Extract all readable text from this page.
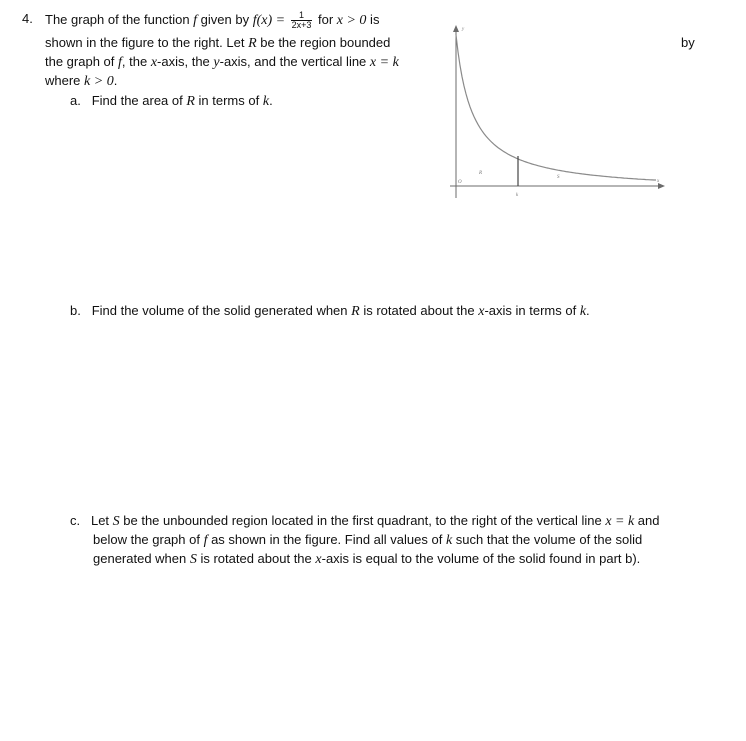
4. The graph of the function f given by $f(x) = \frac{1}{2x+3}$ for x > 0 is
shown in the figure to the right. Let R be the region bounded
the graph of f, the x-axis, the y-axis, and the vertical line x = k
where k > 0.
by
a. Find the area of R in terms of k.
y
x
O
R
S
k
b. Find the volume of the solid generated when R is rotated about the x-axis in terms of k.
c. Let S be the unbounded region located in the first quadrant, to the right of the vertical line x = k and
below the graph of f as shown in the figure. Find all values of k such that the volume of the solid
generated when S is rotated about the x-axis is equal to the volume of the solid found in part b).
